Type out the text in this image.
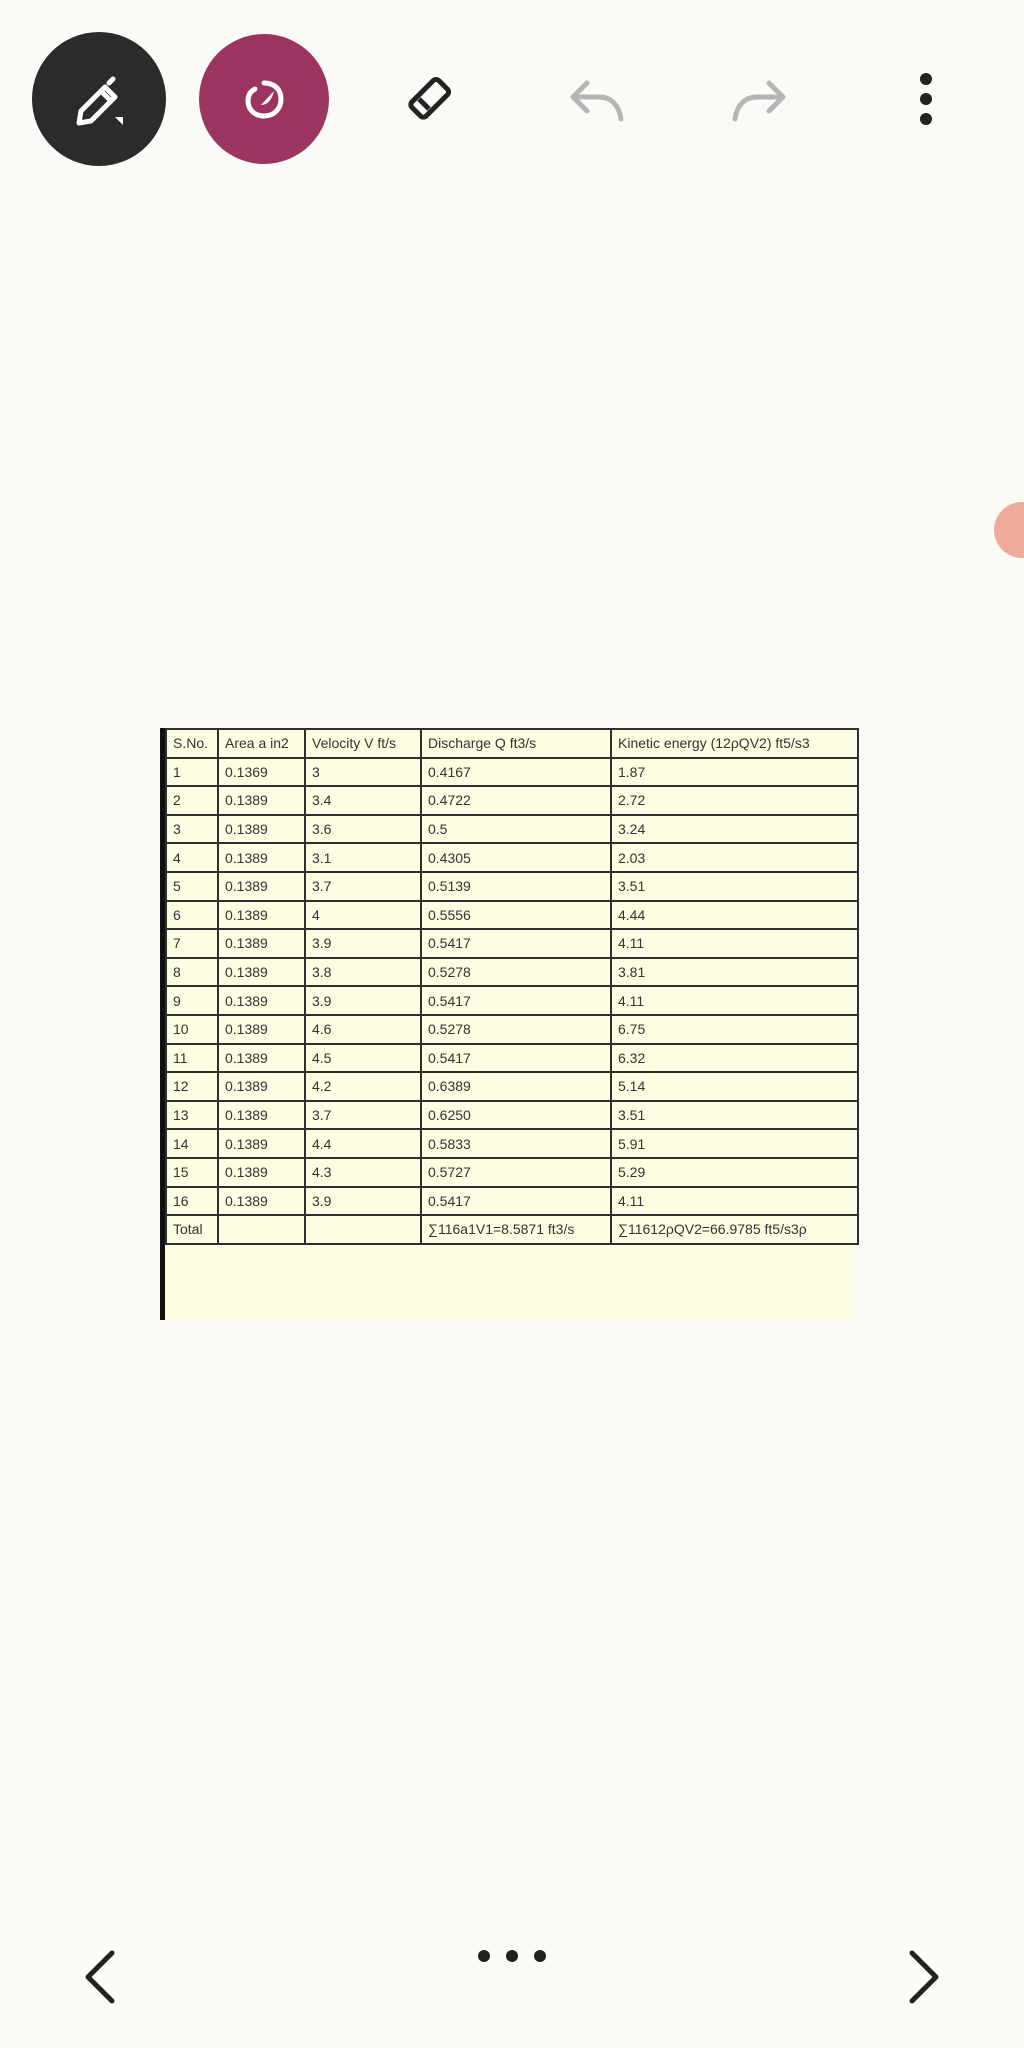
S.No.	Area a in2	Velocity V ft/s	Discharge Q ft3/s	Kinetic energy (12ρQV2) ft5/s3
1	0.1369	3	0.4167	1.87
2	0.1389	3.4	0.4722	2.72
3	0.1389	3.6	0.5	3.24
4	0.1389	3.1	0.4305	2.03
5	0.1389	3.7	0.5139	3.51
6	0.1389	4	0.5556	4.44
7	0.1389	3.9	0.5417	4.11
8	0.1389	3.8	0.5278	3.81
9	0.1389	3.9	0.5417	4.11
10	0.1389	4.6	0.5278	6.75
11	0.1389	4.5	0.5417	6.32
12	0.1389	4.2	0.6389	5.14
13	0.1389	3.7	0.6250	3.51
14	0.1389	4.4	0.5833	5.91
15	0.1389	4.3	0.5727	5.29
16	0.1389	3.9	0.5417	4.11
Total			∑116a1V1=8.5871 ft3/s	∑11612ρQV2=66.9785 ft5/s3ρ
